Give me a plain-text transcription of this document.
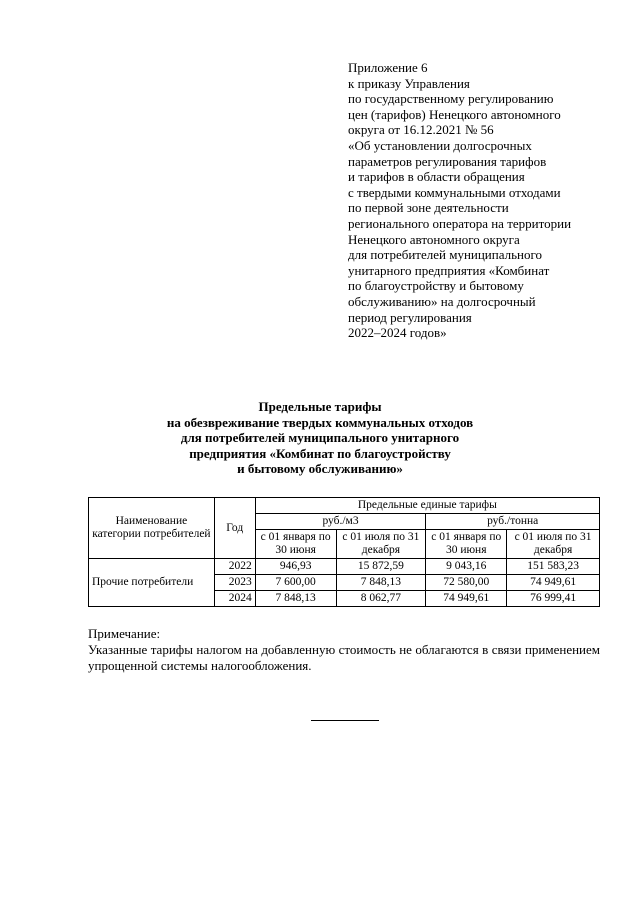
Приложение 6
к приказу Управления
по государственному регулированию
цен (тарифов) Ненецкого автономного
округа от 16.12.2021 № 56
«Об установлении долгосрочных
параметров регулирования тарифов
и тарифов в области обращения
с твердыми коммунальными отходами
по первой зоне деятельности
регионального оператора на территории
Ненецкого автономного округа
для потребителей муниципального
унитарного предприятия «Комбинат
по благоустройству и бытовому
обслуживанию» на долгосрочный
период регулирования
2022–2024 годов»
Предельные тарифы
на обезвреживание твердых коммунальных отходов
для потребителей муниципального унитарного
предприятия «Комбинат по благоустройству
и бытовому обслуживанию»
Наименование категории потребителей	Год	Предельные единые тарифы			
		руб./м3		руб./тонна	
		с 01 января по 30 июня	с 01 июля по 31 декабря	с 01 января по 30 июня	с 01 июля по 31 декабря
Прочие потребители	2022	946,93	15 872,59	9 043,16	151 583,23
	2023	7 600,00	7 848,13	72 580,00	74 949,61
	2024	7 848,13	8 062,77	74 949,61	76 999,41
Примечание:
Указанные тарифы налогом на добавленную стоимость не облагаются в связи применением упрощенной системы налогообложения.
